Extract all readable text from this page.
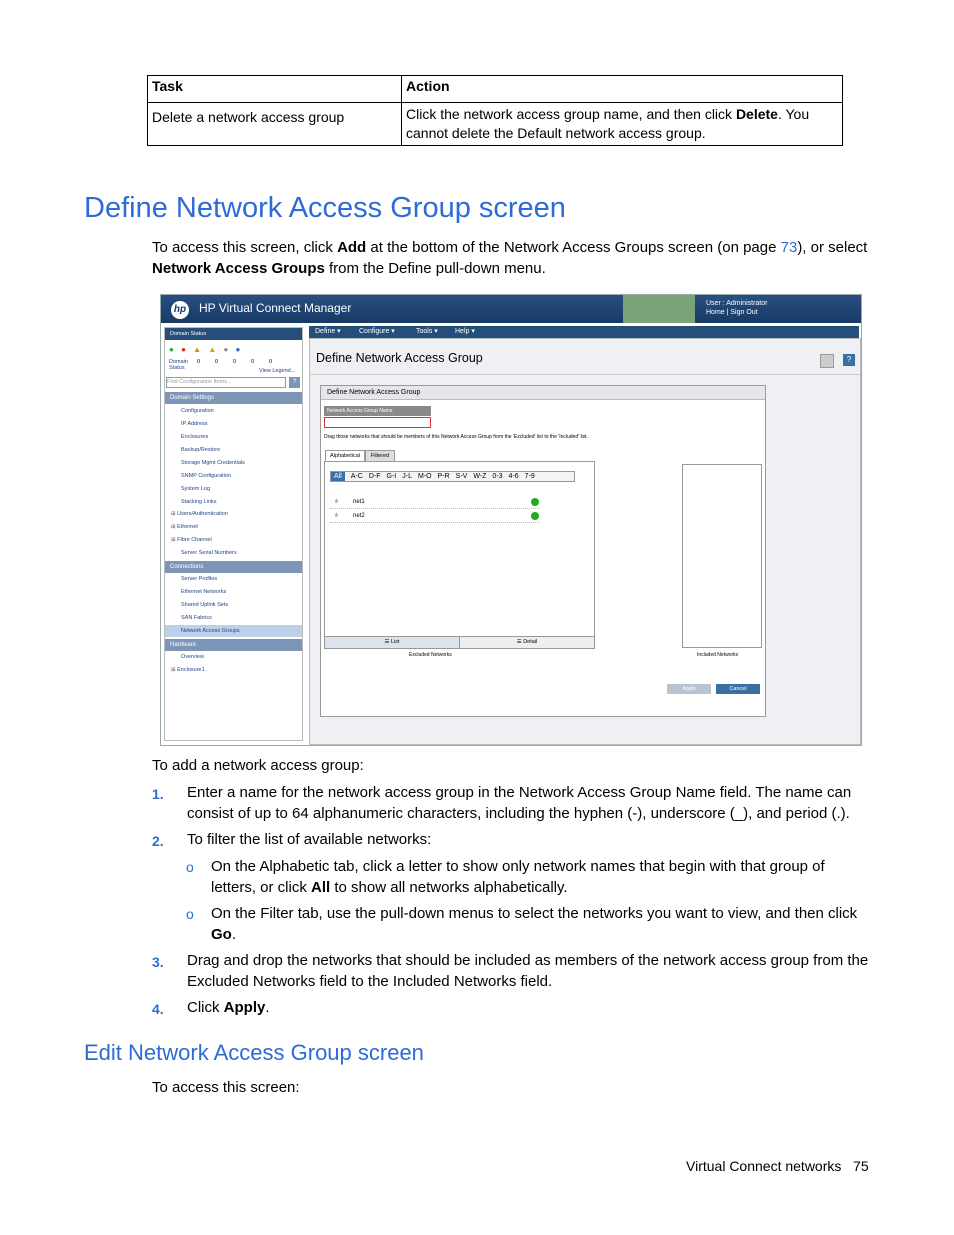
Task	Action
Delete a network access group	Click the network access group name, and then click Delete. You cannot delete the Default network access group.
Define Network Access Group screen
To access this screen, click Add at the bottom of the Network Access Groups screen (on page 73), or select Network Access Groups from the Define pull-down menu.
hp HP Virtual Connect Manager	User : Administrator
Home | Sign Out
Domain Status
● ● ▲ ▲ ● ●
Domain Status
0	0	0	0	0
View Legend...
Find Configuration Items...	?
Domain Settings
Configuration
IP Address
Enclosures
Backup/Restore
Storage Mgmt Credentials
SNMP Configuration
System Log
Stacking Links
⊞ Users/Authentication
⊞ Ethernet
⊞ Fibre Channel
Server Serial Numbers
Connections
Server Profiles
Ethernet Networks
Shared Uplink Sets
SAN Fabrics
Network Access Groups
Hardware
Overview
⊞ Enclosure1
Define ▾	Configure ▾	Tools ▾ Help ▾
Define Network Access Group	?
Define Network Access Group
Network Access Group Name
Drag those networks that should be members of this Network Access Group from the 'Excluded' list to the 'Included' list.
Alphabetical	Filtered
All	A-C D-F G-I J-L M-O P-R S-V W-Z 0-3 4-6 7-9
⋔ net1
⋔ net2
☰ List	☰ Detail
Excluded Networks	Included Networks
Apply	Cancel
To add a network access group:
1. Enter a name for the network access group in the Network Access Group Name field. The name can consist of up to 64 alphanumeric characters, including the hyphen (-), underscore (_), and period (.).
2. To filter the list of available networks:
o On the Alphabetic tab, click a letter to show only network names that begin with that group of letters, or click All to show all networks alphabetically.
o On the Filter tab, use the pull-down menus to select the networks you want to view, and then click Go.
3. Drag and drop the networks that should be included as members of the network access group from the Excluded Networks field to the Included Networks field.
4. Click Apply.
Edit Network Access Group screen
To access this screen:
Virtual Connect networks 75
